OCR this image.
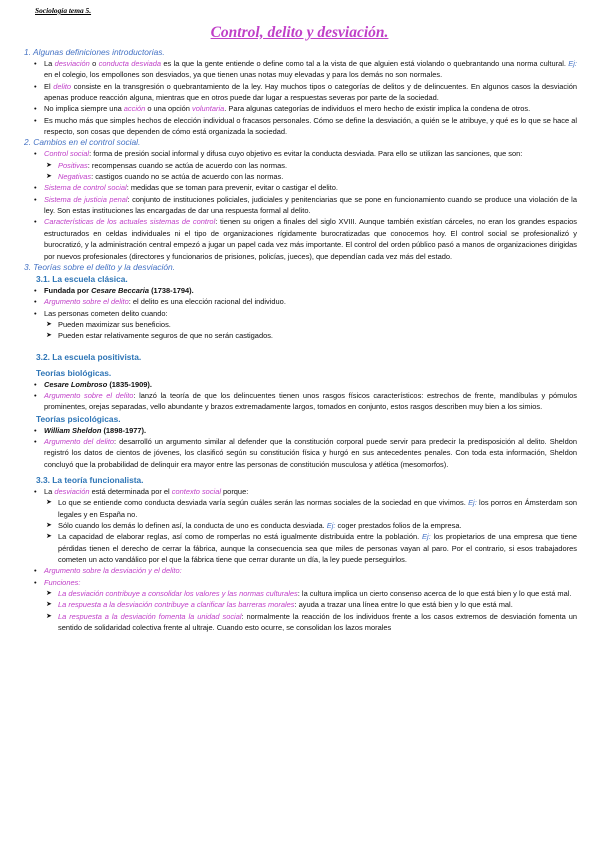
Sociología tema 5.
Control, delito y desviación.

1. Algunas definiciones introductorias.

• La desviación o conducta desviada es la que la gente entiende o define como tal a la vista de que alguien está violando o quebrantando una norma cultural. Ej: en el colegio, los empollones son desviados, ya que tienen unas notas muy elevadas y para los demás no son normales.

• El delito consiste en la transgresión o quebrantamiento de la ley. Hay muchos tipos o categorías de delitos y de delincuentes. En algunos casos la desviación apenas produce reacción alguna, mientras que en otros puede dar lugar a respuestas severas por parte de la sociedad.

• No implica siempre una acción o una opción voluntaria. Para algunas categorías de individuos el mero hecho de existir implica la condena de otros.

• Es mucho más que simples hechos de elección individual o fracasos personales. Cómo se define la desviación, a quién se le atribuye, y qué es lo que se hace al respecto, son cosas que dependen de cómo está organizada la sociedad.

2. Cambios en el control social.

• Control social: forma de presión social informal y difusa cuyo objetivo es evitar la conducta desviada. Para ello se utilizan las sanciones, que son:

➤ Positivas: recompensas cuando se actúa de acuerdo con las normas.

➤ Negativas: castigos cuando no se actúa de acuerdo con las normas.

• Sistema de control social: medidas que se toman para prevenir, evitar o castigar el delito.

• Sistema de justicia penal: conjunto de instituciones policiales, judiciales y penitenciarias que se pone en funcionamiento cuando se produce una violación de la ley. Son estas instituciones las encargadas de dar una respuesta formal al delito.

• Características de los actuales sistemas de control: tienen su origen a finales del siglo XVIII. Aunque también existían cárceles, no eran los grandes espacios estructurados en celdas individuales ni el tipo de organizaciones rígidamente burocratizadas que conocemos hoy. El control social se profesionalizó y burocratizó, y la administración central empezó a jugar un papel cada vez más importante. El control del orden público pasó a manos de organizaciones dirigidas por nuevos profesionales (directores y funcionarios de prisiones, policías, jueces), que dependían cada vez más del estado.

3. Teorías sobre el delito y la desviación.

3.1. La escuela clásica.

• Fundada por Cesare Beccaria (1738-1794).

• Argumento sobre el delito: el delito es una elección racional del individuo.

• Las personas cometen delito cuando:

➤ Pueden maximizar sus beneficios.

➤ Pueden estar relativamente seguros de que no serán castigados.

3.2. La escuela positivista.

Teorías biológicas.

• Cesare Lombroso (1835-1909).

• Argumento sobre el delito: lanzó la teoría de que los delincuentes tienen unos rasgos físicos característicos: estrechos de frente, mandíbulas y pómulos prominentes, orejas separadas, vello abundante y brazos extremadamente largos, tomados en conjunto, estos rasgos describen muy bien a los simios.

Teorías psicológicas.

• William Sheldon (1898-1977).

• Argumento del delito: desarrolló un argumento similar al defender que la constitución corporal puede servir para predecir la predisposición al delito. Sheldon registró los datos de cientos de jóvenes, los clasificó según su constitución física y hurgó en sus antecedentes penales. Con toda esta información, Sheldon concluyó que la probabilidad de delinquir era mayor entre las personas de constitución musculosa y atlética (mesomorfos).

3.3. La teoría funcionalista.

• La desviación está determinada por el contexto social porque:

➤ Lo que se entiende como conducta desviada varía según cuáles serán las normas sociales de la sociedad en que vivimos. Ej: los porros en Ámsterdam son legales y en España no.

➤ Sólo cuando los demás lo definen así, la conducta de uno es conducta desviada. Ej: coger prestados folios de la empresa.

➤ La capacidad de elaborar reglas, así como de romperlas no está igualmente distribuida entre la población. Ej: los propietarios de una empresa que tiene pérdidas tienen el derecho de cerrar la fábrica, aunque la consecuencia sea que miles de personas vayan al paro. Por el contrario, si esos trabajadores cometen un acto vandálico por el que la fábrica tiene que cerrar durante un día, la ley puede perseguirlos.

• Argumento sobre la desviación y el delito:

• Funciones:

➤ La desviación contribuye a consolidar los valores y las normas culturales: la cultura implica un cierto consenso acerca de lo que está bien y lo que está mal.

➤ La respuesta a la desviación contribuye a clarificar las barreras morales: ayuda a trazar una línea entre lo que está bien y lo que está mal.

➤ La respuesta a la desviación fomenta la unidad social: normalmente la reacción de los individuos frente a los casos extremos de desviación fomenta un sentido de solidaridad colectiva frente al ultraje. Cuando esto ocurre, se consolidan los lazos morales
